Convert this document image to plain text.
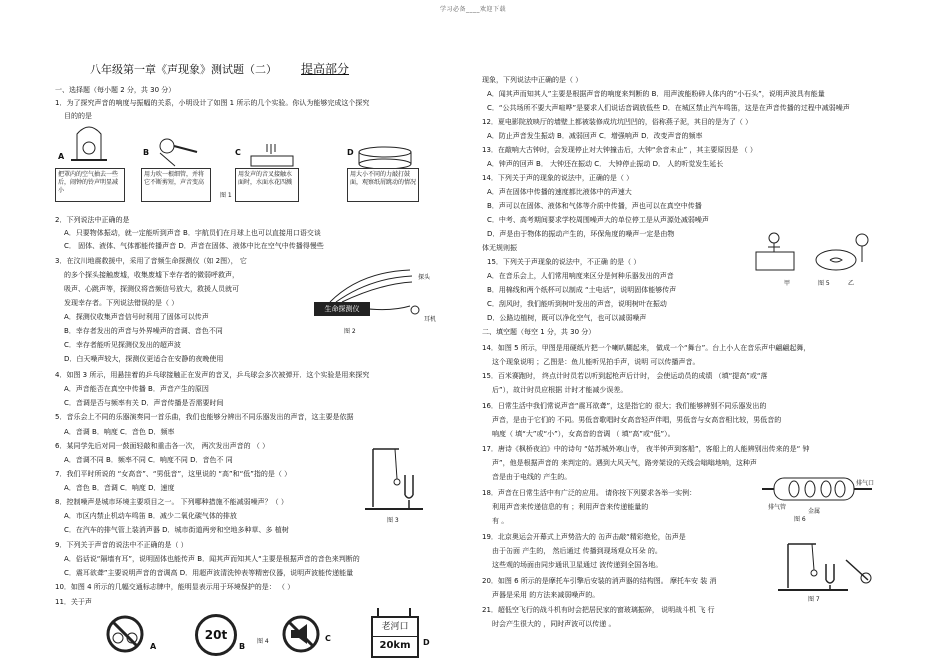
学习必备____欢迎下载
八年级第一章《声现象》测试题（二） 提高部分
一、选择题（每小题 2 分，共 30 分）
1．为了探究声音的响度与振幅的关系，小明设计了如图 1 所示的几个实验。你认为能够完成这个探究
目的的是
2．下列说法中正确的是
A．只要物体振动，就一定能听到声音 B．宇航员们在月球上也可以直接用口语交谈
C． 固体、液体、气体都能传播声音 D．声音在固体、液体中比在空气中传播得慢些
3．在汶川地震救援中，采用了音频生命探测仪（如 2图）， 它
的多个探头接触废墟，收集废墟下幸存者的微弱呼救声，
吸声、心跳声等，探测仪将音频信号放大，救援人员就可
发现幸存者。下列说法错误的是（ ）
A．探测仪收集声音信号时利用了固体可以传声
B．幸存者发出的声音与外界噪声的音调、音色不同
C．幸存者能听见探测仪发出的超声波
D．白天噪声较大，探测仪更适合在安静的夜晚使用
4．如图 3 所示，用悬挂着的乒乓球接触正在发声的音叉，乒乓球会多次被弹开．这个实验是用来探究
A．声音能否在真空中传播 B．声音产生的原因
C．音调是否与频率有关 D．声音传播是否需要时间
5．音乐会上不同的乐器演奏同一首乐曲，我们也能够分辨出不同乐器发出的声音，这主要是依据
A．音调 B．响度 C．音色 D．频率
6．某同学先后对同一鼓面轻敲和重击各一次， 两次发出声音的 （ ）
A．音调不同 B．频率不同 C．响度不同 D．音色不 同
7．我们平时所说的 “女高音”、“男低音”，这里说的 “高”和“低”指的是（ ）
A．音色 B．音调 C．响度 D．速度
8．控制噪声是城市环境主要项目之一。 下列哪种措施不能减弱噪声？（ ）
A．市区内禁止机动车鸣笛 B．减少二氧化碳气体的排放
C．在汽车的排气管上装消声器 D．城市街道两旁和空地多种草、多 植树
9．下列关于声音的说法中不正确的是（ ）
A．俗话说“隔墙有耳”，说明固体也能传声 B．闻其声而知其人“主要是根据声音的音色来判断的
C．震耳欲聋”主要说明声音的音调高 D．用超声波清洗钟表等精密仪器，说明声波能传递能量
10．如图 4 所示的几幅交通标志牌中，能明显表示用于环境保护的是： （ ）
11．关于声
现象，下列说法中正确的是（ ）
A．闻其声而知其人”主要是根据声音的响度来判断的 B．用声波能粉碎人体内的“小石头”，说明声波具有能量
C．“公共场所不要大声喧哗”是要求人们说话音调放低些 D．在城区禁止汽车鸣笛，这是在声音传播的过程中减弱噪声
12．夏电影院放映厅的墙壁上都被装修成坑坑凹凹的，俗称燕子泥，其目的是为了（ ）
A．防止声音发生振动 B．减弱回声 C．增强响声 D．改变声音的频率
13．在敲响大古钟时，会发现停止对大钟撞击后，大钟“余音未止” ，其主要原因是 （ ）
A．钟声的回声 B． 大钟还在振动 C． 大钟停止振动 D． 人的听觉发生延长
14．下列关于声的现象的说法中，正确的是（ ）
A．声在固体中传播的速度都比液体中的声速大
B．声可以在固体、液体和气体等介质中传播，声也可以在真空中传播
C．中考、高考期间要求学校周围噪声大的单位停工是从声源处减弱噪声
D．声是由于物体的振动产生的，环保角度的噪声一定是由物
体无规则振
15．下列关于声现象的说法中，不正确 的是（ ）
A．在音乐会上，人们常用响度来区分是何种乐器发出的声音
B．用棉线和两个纸杯可以制成 “土电话”，说明固体能够传声
C．刮风时，我们能听到树叶发出的声音，说明树叶在振动
D．公路边植树，既可以净化空气，也可以减弱噪声
二、填空题（每空 1 分，共 30 分）
14．如图 5 所示，甲图是用硬纸片把一个喇叭糊起来， 做成一个“舞台”。台上小人在音乐声中翩翩起舞，
这个现象说明 ；乙图是：鱼儿能听见拍手声，说明 可以传播声音。
15．百米赛跑时， 终点计时员若以听到起枪声后计时， 会使运动员的成绩 （填“提高”或“落
后”），故计时员应根据 计时才能减少误差。
16．日常生活中我们常说声音“震耳欲聋”，这是指它的 很大；我们能够辨别不同乐器发出的
声音，是由于它们的 不同。男低音歌唱时女高音轻声伴唱，男低音与女高音相比较，男低音的
响度（ 填“大”或“小”），女高音的音调 （ 填“高”或“低”）。
17．唐诗《枫桥夜泊》中的诗句 “姑苏城外寒山寺， 夜半钟声到客船”，客船上的人能辨别出传来的是“ 钟
声”，他是根据声音的 来判定的。遇到大风天气，路旁架设的天线会嗡嗡地响，这种声
音是由于电线的 产生的。
18．声音在日常生活中有广泛的应用。 请你按下列要求各举一实例：
利用声音来传递信息的有 ；利用声音来传递能量的
有 。
19．北京奥运会开幕式上声势浩大的 缶声击敲“精彩绝伦，缶声是
由于缶面 产生的， 然后通过 传播到现场观众耳朵 的。
这些观的场面由同步通讯卫星通过 波传递到全国各地。
20．如图 6 所示的是摩托车引擎后安装的消声器的结构图。 摩托车安 装 消
声器是采用 的方法来减弱噪声的。
21．超低空飞行的战斗机有时会把居民家的窗玻璃振碎， 说明战斗机 飞 行
时会产生很大的 ，同时声波可以传递 。
A
把罩内的空气抽去一些后，闹钟的铃声明显减小
B
用力吹一根细管，并将它不断剪短，声音变高
C
用发声的音叉接触水面时，水面水花四溅
图 1
D
用大小不同的力敲打鼓面，观察纸屑跳动的情况
探头
生命探测仪
耳机
图 2
图 3
A
20t
B
图 4	C
老河口
20km	D
甲	图 5	乙
排气管
排气口
金属
图 6
图 7
